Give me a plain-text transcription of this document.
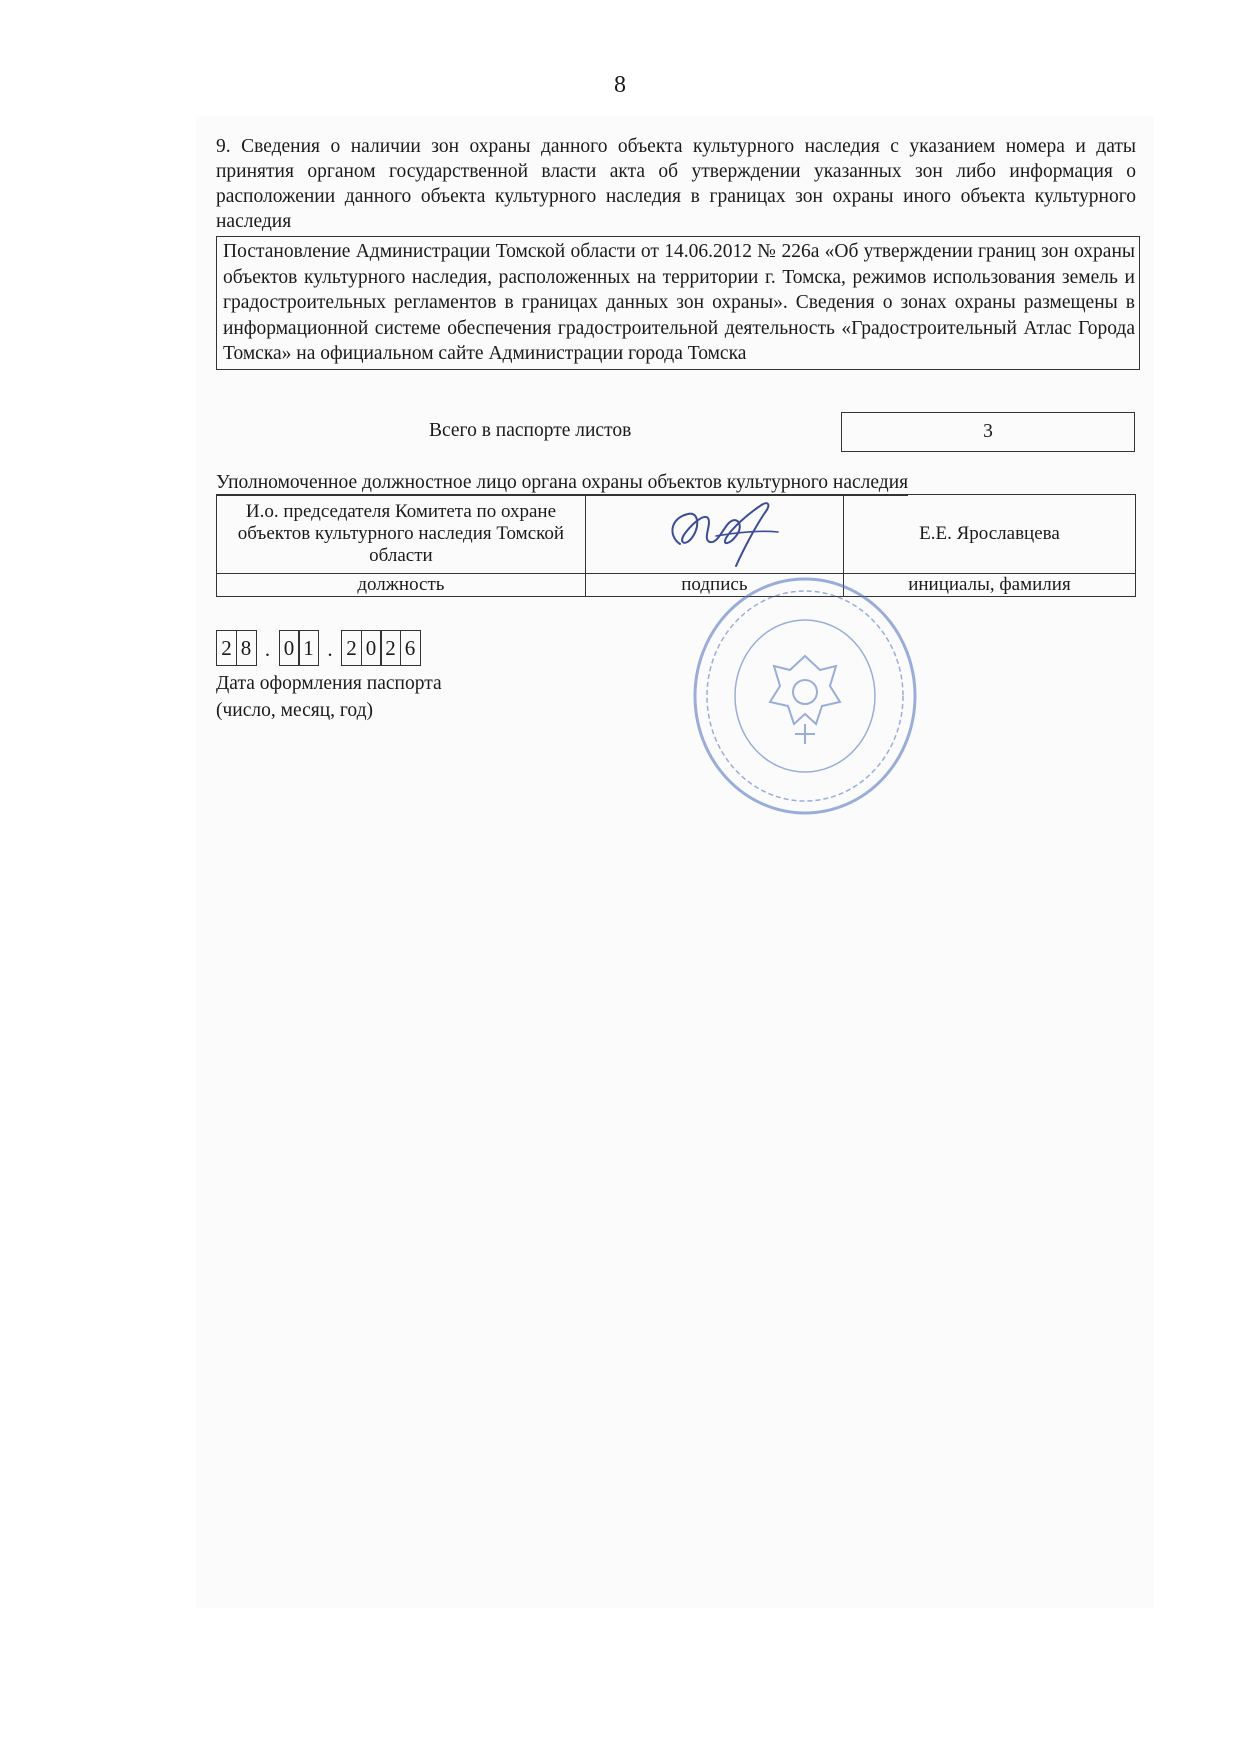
8
9. Сведения о наличии зон охраны данного объекта культурного наследия с указанием номера и даты принятия органом государственной власти акта об утверждении указанных зон либо информация о расположении данного объекта культурного наследия в границах зон охраны иного объекта культурного наследия
Постановление Администрации Томской области от 14.06.2012 № 226а «Об утверждении границ зон охраны объектов культурного наследия, расположенных на территории г. Томска, режимов использования земель и градостроительных регламентов в границах данных зон охраны». Сведения о зонах охраны размещены в информационной системе обеспечения градостроительной деятельность «Градостроительный Атлас Города Томска» на официальном сайте Администрации города Томска
Всего в паспорте листов	3
Уполномоченное должностное лицо органа охраны объектов культурного наследия
И.о. председателя Комитета по охране объектов культурного наследия Томской области		Е.Е. Ярославцева
должность	подпись	инициалы, фамилия
2 8 . 0 1 . 2 0 2 6
Дата оформления паспорта
(число, месяц, год)
